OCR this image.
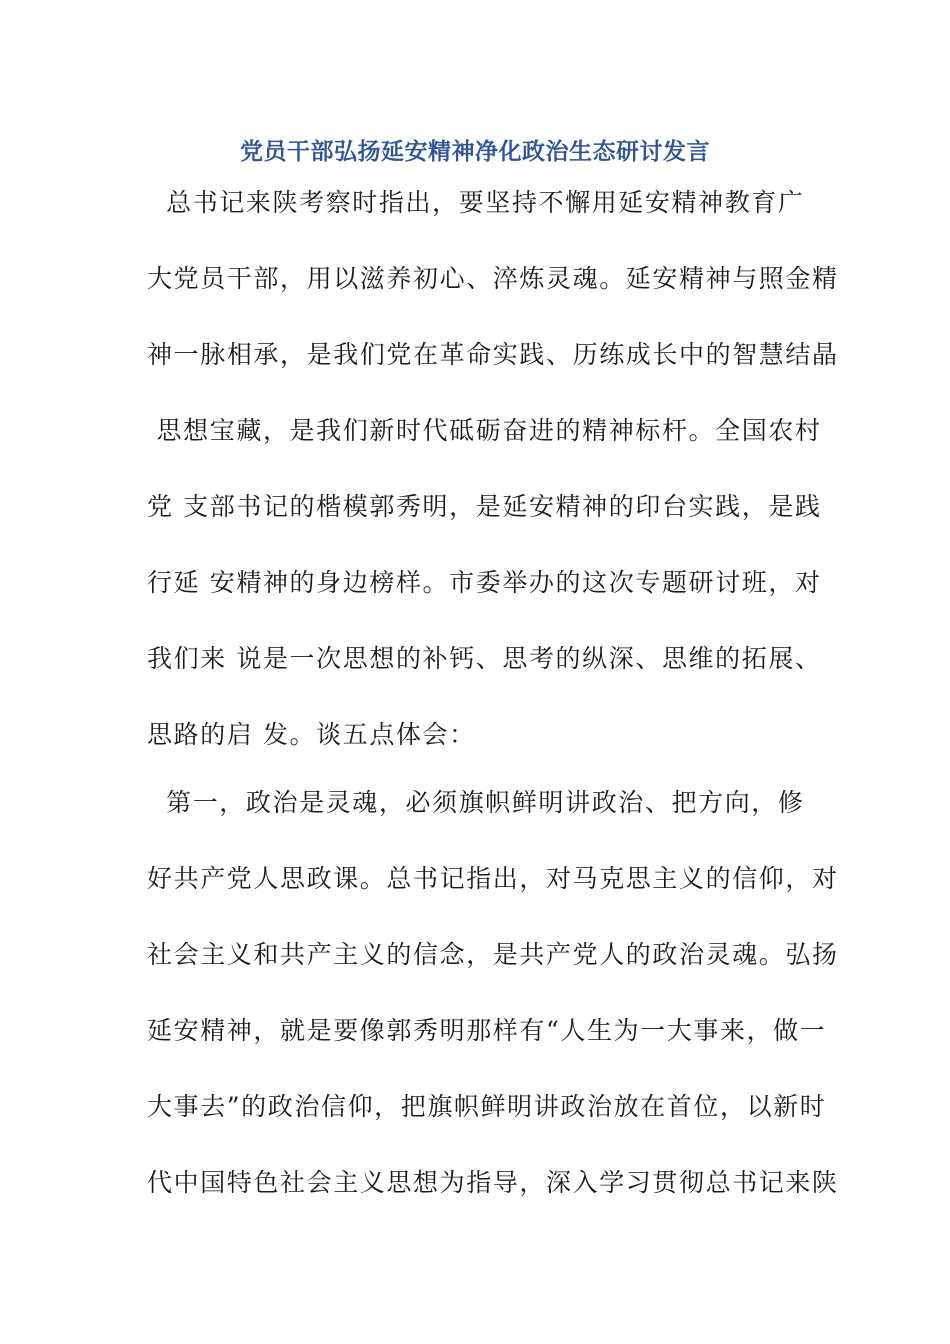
党员干部弘扬延安精神净化政治生态研讨发言
总书记来陕考察时指出，要坚持不懈用延安精神教育广
大党员干部，用以滋养初心、淬炼灵魂。延安精神与照金精
神一脉相承，是我们党在革命实践、历练成长中的智慧结晶
思想宝藏，是我们新时代砥砺奋进的精神标杆。全国农村
党 支部书记的楷模郭秀明，是延安精神的印台实践，是践
行延 安精神的身边榜样。市委举办的这次专题研讨班，对
我们来 说是一次思想的补钙、思考的纵深、思维的拓展、
思路的启 发。谈五点体会：
第一，政治是灵魂，必须旗帜鲜明讲政治、把方向，修
好共产党人思政课。总书记指出，对马克思主义的信仰，对
社会主义和共产主义的信念，是共产党人的政治灵魂。弘扬
延安精神，就是要像郭秀明那样有“人生为一大事来，做一
大事去”的政治信仰，把旗帜鲜明讲政治放在首位，以新时
代中国特色社会主义思想为指导，深入学习贯彻总书记来陕
